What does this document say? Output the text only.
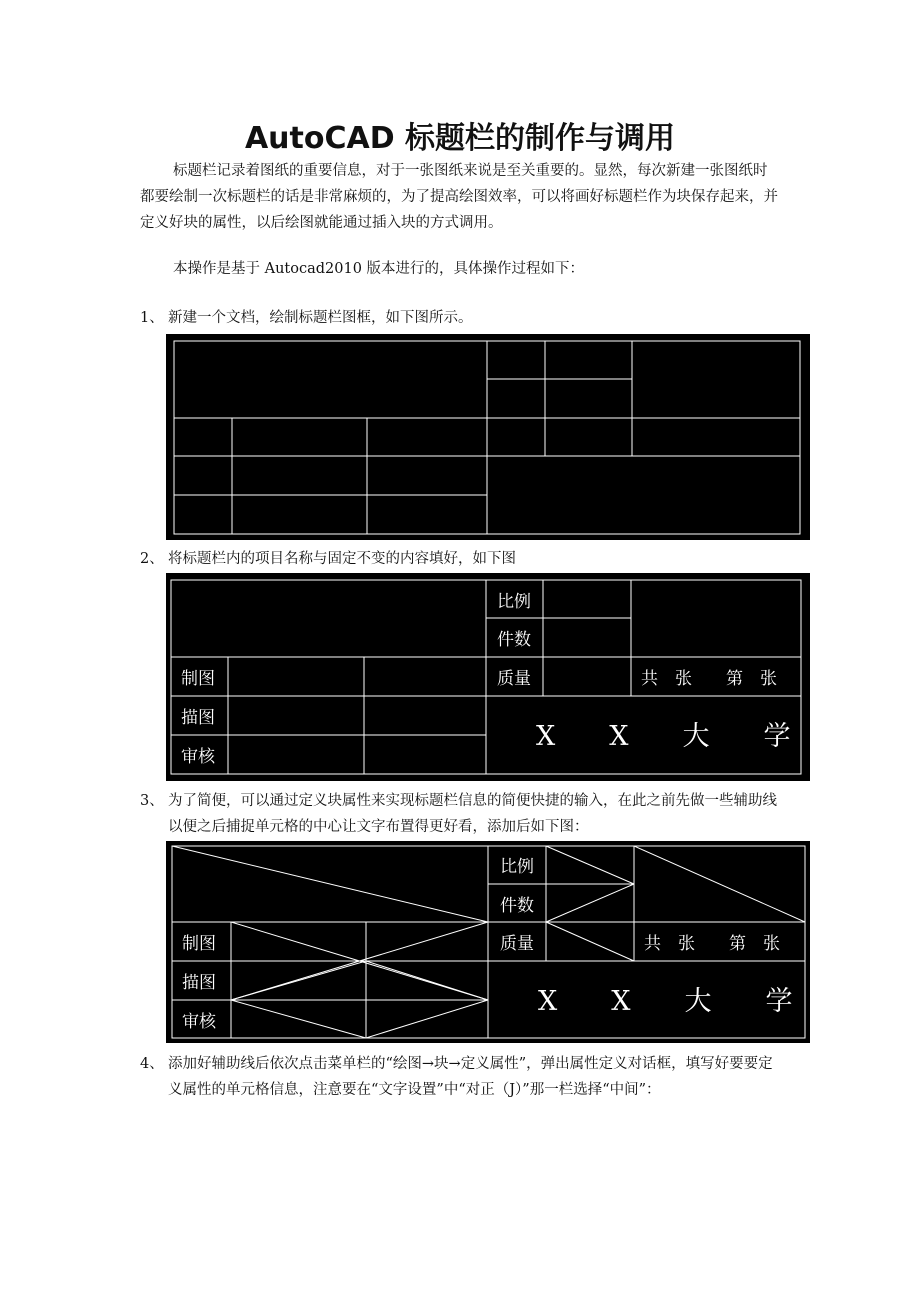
AutoCAD 标题栏的制作与调用
标题栏记录着图纸的重要信息，对于一张图纸来说是至关重要的。显然，每次新建一张图纸时都要绘制一次标题栏的话是非常麻烦的，为了提高绘图效率，可以将画好标题栏作为块保存起来，并定义好块的属性，以后绘图就能通过插入块的方式调用。
本操作是基于 Autocad2010 版本进行的，具体操作过程如下：
1、 新建一个文档，绘制标题栏图框，如下图所示。
2、 将标题栏内的项目名称与固定不变的内容填好，如下图
比例
件数
质量
制图
描图
审核
共　张　　第　张
X　　X　　大　　学
3、 为了简便，可以通过定义块属性来实现标题栏信息的简便快捷的输入，在此之前先做一些辅助线以便之后捕捉单元格的中心让文字布置得更好看，添加后如下图：
比例
件数
质量
制图
描图
审核
共　张　　第　张
X　　X　　大　　学
4、 添加好辅助线后依次点击菜单栏的“绘图→块→定义属性”，弹出属性定义对话框，填写好要要定义属性的单元格信息，注意要在“文字设置”中“对正（J）”那一栏选择“中间”：
